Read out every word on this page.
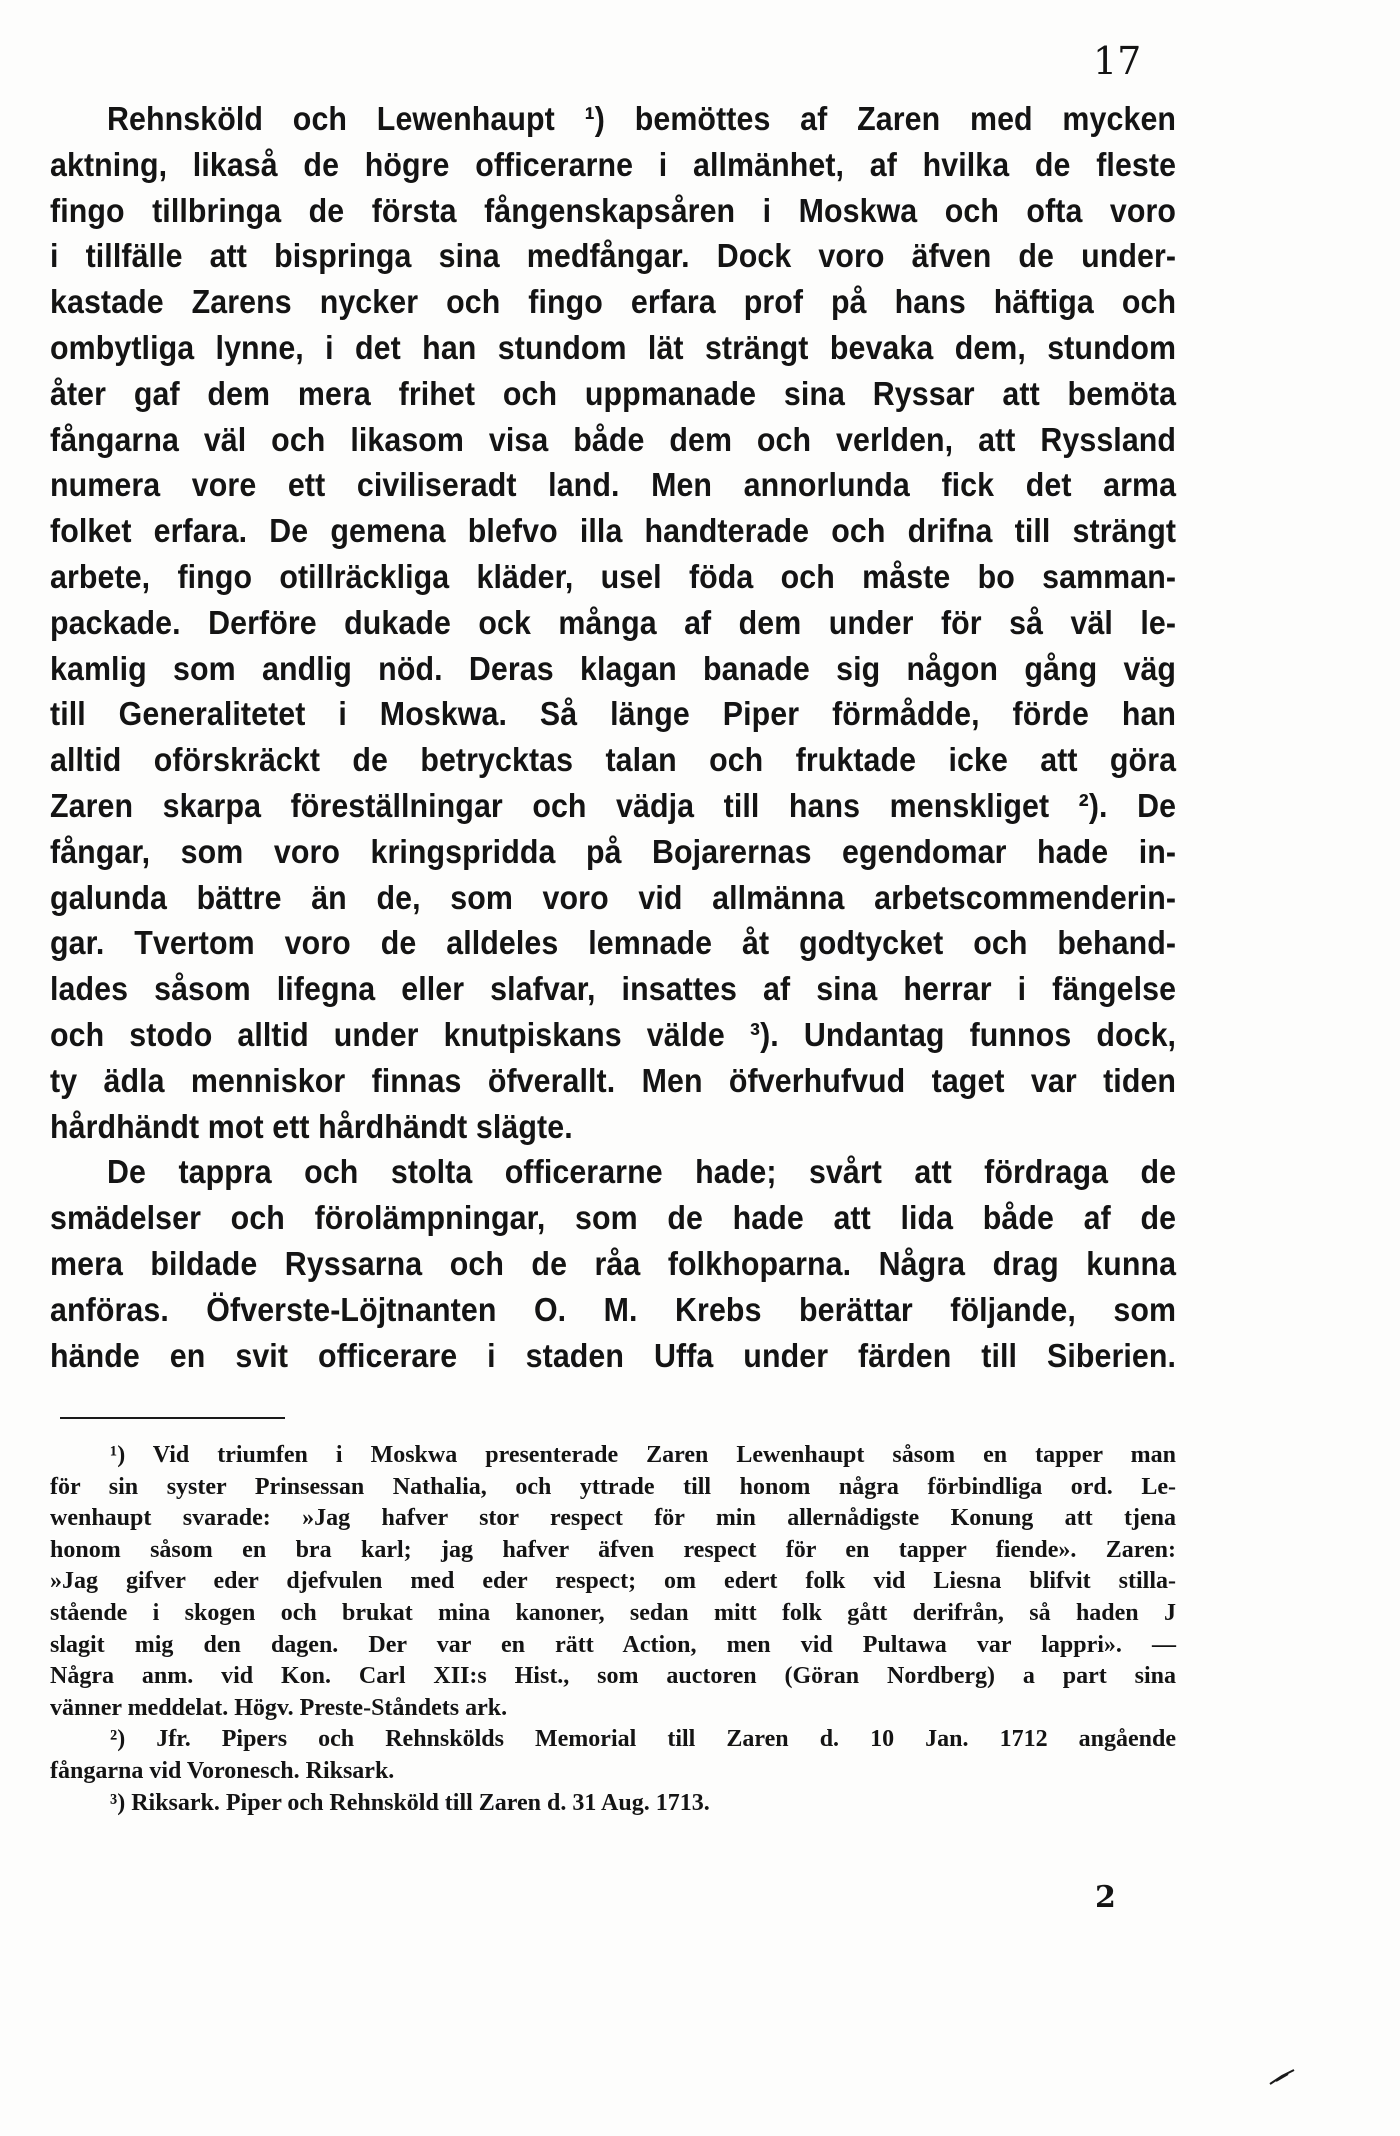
17
Rehnsköld och Lewenhaupt ¹) bemöttes af Zaren med mycken
aktning, likaså de högre officerarne i allmänhet, af hvilka de fleste
fingo tillbringa de första fångenskapsåren i Moskwa och ofta voro
i tillfälle att bispringa sina medfångar. Dock voro äfven de under-
kastade Zarens nycker och fingo erfara prof på hans häftiga och
ombytliga lynne, i det han stundom lät strängt bevaka dem, stundom
åter gaf dem mera frihet och uppmanade sina Ryssar att bemöta
fångarna väl och likasom visa både dem och verlden, att Ryssland
numera vore ett civiliseradt land. Men annorlunda fick det arma
folket erfara. De gemena blefvo illa handterade och drifna till strängt
arbete, fingo otillräckliga kläder, usel föda och måste bo samman-
packade. Derföre dukade ock många af dem under för så väl le-
kamlig som andlig nöd. Deras klagan banade sig någon gång väg
till Generalitetet i Moskwa. Så länge Piper förmådde, förde han
alltid oförskräckt de betrycktas talan och fruktade icke att göra
Zaren skarpa föreställningar och vädja till hans menskliget ²). De
fångar, som voro kringspridda på Bojarernas egendomar hade in-
galunda bättre än de, som voro vid allmänna arbetscommenderin-
gar. Tvertom voro de alldeles lemnade åt godtycket och behand-
lades såsom lifegna eller slafvar, insattes af sina herrar i fängelse
och stodo alltid under knutpiskans välde ³). Undantag funnos dock,
ty ädla menniskor finnas öfverallt. Men öfverhufvud taget var tiden
hårdhändt mot ett hårdhändt slägte.
De tappra och stolta officerarne hade; svårt att fördraga de
smädelser och förolämpningar, som de hade att lida både af de
mera bildade Ryssarna och de råa folkhoparna. Några drag kunna
anföras. Öfverste-Löjtnanten O. M. Krebs berättar följande, som
hände en svit officerare i staden Uffa under färden till Siberien.
¹) Vid triumfen i Moskwa presenterade Zaren Lewenhaupt såsom en tapper man
för sin syster Prinsessan Nathalia, och yttrade till honom några förbindliga ord. Le-
wenhaupt svarade: »Jag hafver stor respect för min allernådigste Konung att tjena
honom såsom en bra karl; jag hafver äfven respect för en tapper fiende». Zaren:
»Jag gifver eder djefvulen med eder respect; om edert folk vid Liesna blifvit stilla-
stående i skogen och brukat mina kanoner, sedan mitt folk gått derifrån, så haden J
slagit mig den dagen. Der var en rätt Action, men vid Pultawa var lappri». —
Några anm. vid Kon. Carl XII:s Hist., som auctoren (Göran Nordberg) a part sina
vänner meddelat. Högv. Preste-Ståndets ark.
²) Jfr. Pipers och Rehnskölds Memorial till Zaren d. 10 Jan. 1712 angående
fångarna vid Voronesch. Riksark.
³) Riksark. Piper och Rehnsköld till Zaren d. 31 Aug. 1713.
2
